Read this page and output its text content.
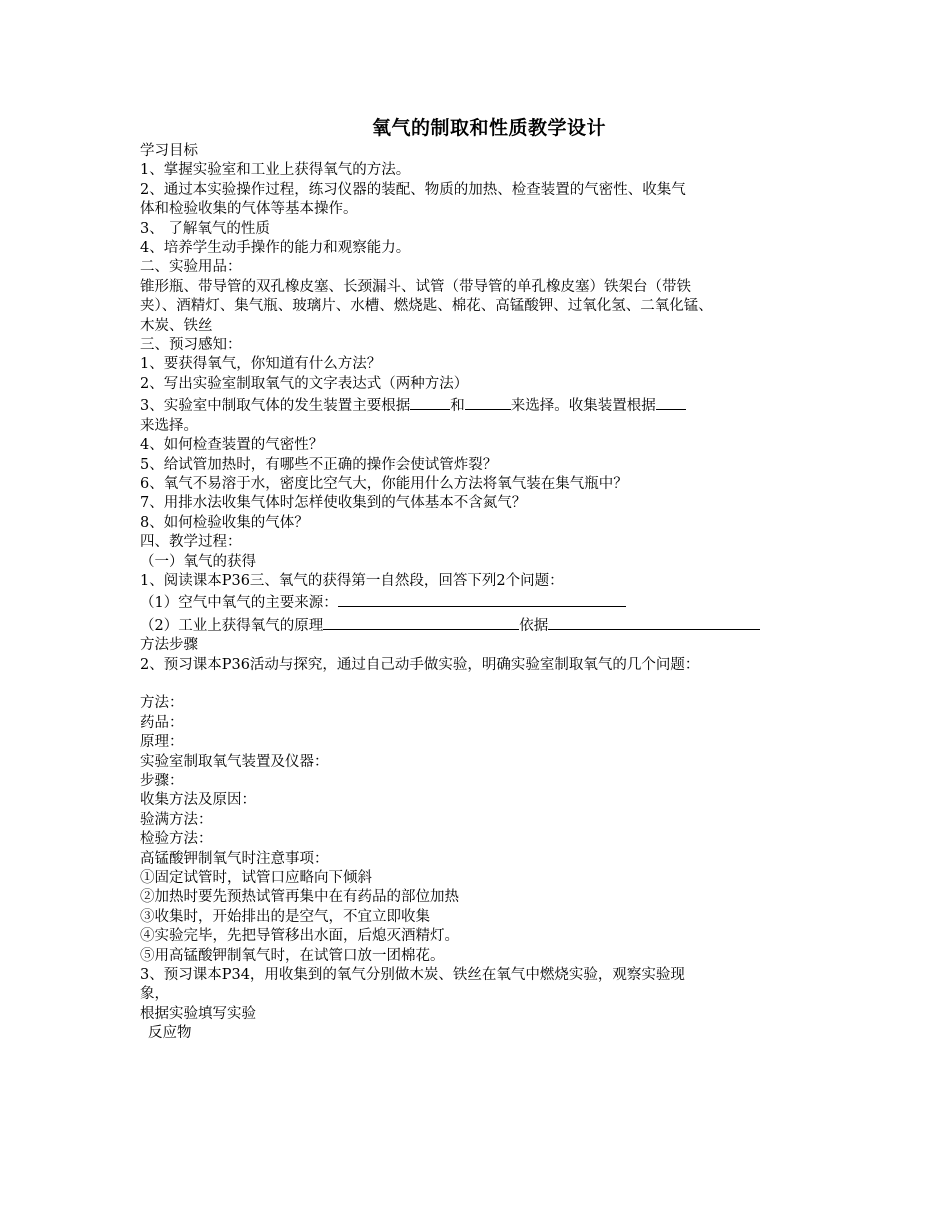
氧气的制取和性质教学设计
学习目标
1、掌握实验室和工业上获得氧气的方法。
2、通过本实验操作过程，练习仪器的装配、物质的加热、检查装置的气密性、收集气
体和检验收集的气体等基本操作。
3、 了解氧气的性质
4、培养学生动手操作的能力和观察能力。
二、实验用品：
锥形瓶、带导管的双孔橡皮塞、长颈漏斗、试管（带导管的单孔橡皮塞）铁架台（带铁
夹）、酒精灯、集气瓶、玻璃片、水槽、燃烧匙、棉花、高锰酸钾、过氧化氢、二氧化锰、
木炭、铁丝
三、预习感知：
1、要获得氧气，你知道有什么方法？
2、写出实验室制取氧气的文字表达式（两种方法）
3、实验室中制取气体的发生装置主要根据	和	来选择。收集装置根据
来选择。
4、如何检查装置的气密性？
5、给试管加热时，有哪些不正确的操作会使试管炸裂？
6、氧气不易溶于水，密度比空气大，你能用什么方法将氧气装在集气瓶中？
7、用排水法收集气体时怎样使收集到的气体基本不含氮气？
8、如何检验收集的气体？
四、教学过程：
（一）氧气的获得
1、阅读课本P36三、氧气的获得第一自然段，回答下列2个问题：
（1）空气中氧气的主要来源：
（2）工业上获得氧气的原理	依据
方法步骤
2、预习课本P36活动与探究，通过自己动手做实验，明确实验室制取氧气的几个问题：
方法：
药品：
原理：
实验室制取氧气装置及仪器：
步骤：
收集方法及原因：
验满方法：
检验方法：
高锰酸钾制氧气时注意事项：
①固定试管时，试管口应略向下倾斜
②加热时要先预热试管再集中在有药品的部位加热
③收集时，开始排出的是空气，不宜立即收集
④实验完毕，先把导管移出水面，后熄灭酒精灯。
⑤用高锰酸钾制氧气时，在试管口放一团棉花。
3、预习课本P34，用收集到的氧气分别做木炭、铁丝在氧气中燃烧实验，观察实验现
象，
根据实验填写实验
反应物
